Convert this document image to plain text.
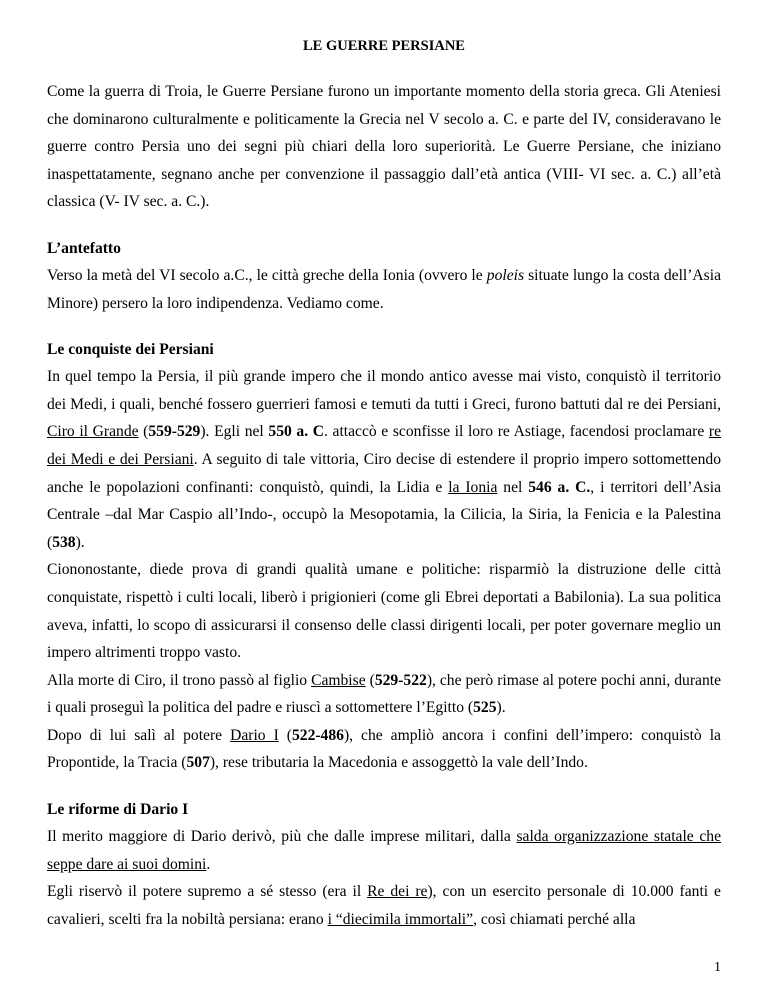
LE GUERRE PERSIANE

Come la guerra di Troia, le Guerre Persiane furono un importante momento della storia greca. Gli Ateniesi che dominarono culturalmente e politicamente la Grecia nel V secolo a. C. e parte del IV, consideravano le guerre contro Persia uno dei segni più chiari della loro superiorità. Le Guerre Persiane, che iniziano inaspettatamente, segnano anche per convenzione il passaggio dall’età antica (VIII- VI sec. a. C.) all’età classica (V- IV sec. a. C.).

L’antefatto

Verso la metà del VI secolo a.C., le città greche della Ionia (ovvero le poleis situate lungo la costa dell’Asia Minore) persero la loro indipendenza. Vediamo come.

Le conquiste dei Persiani

In quel tempo la Persia, il più grande impero che il mondo antico avesse mai visto, conquistò il territorio dei Medi, i quali, benché fossero guerrieri famosi e temuti da tutti i Greci, furono battuti dal re dei Persiani, Ciro il Grande (559-529). Egli nel 550 a. C. attaccò e sconfisse il loro re Astiage, facendosi proclamare re dei Medi e dei Persiani. A seguito di tale vittoria, Ciro decise di estendere il proprio impero sottomettendo anche le popolazioni confinanti: conquistò, quindi, la Lidia e la Ionia nel 546 a. C., i territori dell’Asia Centrale –dal Mar Caspio all’Indo-, occupò la Mesopotamia, la Cilicia, la Siria, la Fenicia e la Palestina (538).

Ciononostante, diede prova di grandi qualità umane e politiche: risparmiò la distruzione delle città conquistate, rispettò i culti locali, liberò i prigionieri (come gli Ebrei deportati a Babilonia). La sua politica aveva, infatti, lo scopo di assicurarsi il consenso delle classi dirigenti locali, per poter governare meglio un impero altrimenti troppo vasto.

Alla morte di Ciro, il trono passò al figlio Cambise (529-522), che però rimase al potere pochi anni, durante i quali proseguì la politica del padre e riuscì a sottomettere l’Egitto (525).

Dopo di lui salì al potere Dario I (522-486), che ampliò ancora i confini dell’impero: conquistò la Propontide, la Tracia (507), rese tributaria la Macedonia e assoggettò la vale dell’Indo.

Le riforme di Dario I

Il merito maggiore di Dario derivò, più che dalle imprese militari, dalla salda organizzazione statale che seppe dare ai suoi domini.

Egli riservò il potere supremo a sé stesso (era il Re dei re), con un esercito personale di 10.000 fanti e cavalieri, scelti fra la nobiltà persiana: erano i “diecimila immortali”, così chiamati perché alla

1
